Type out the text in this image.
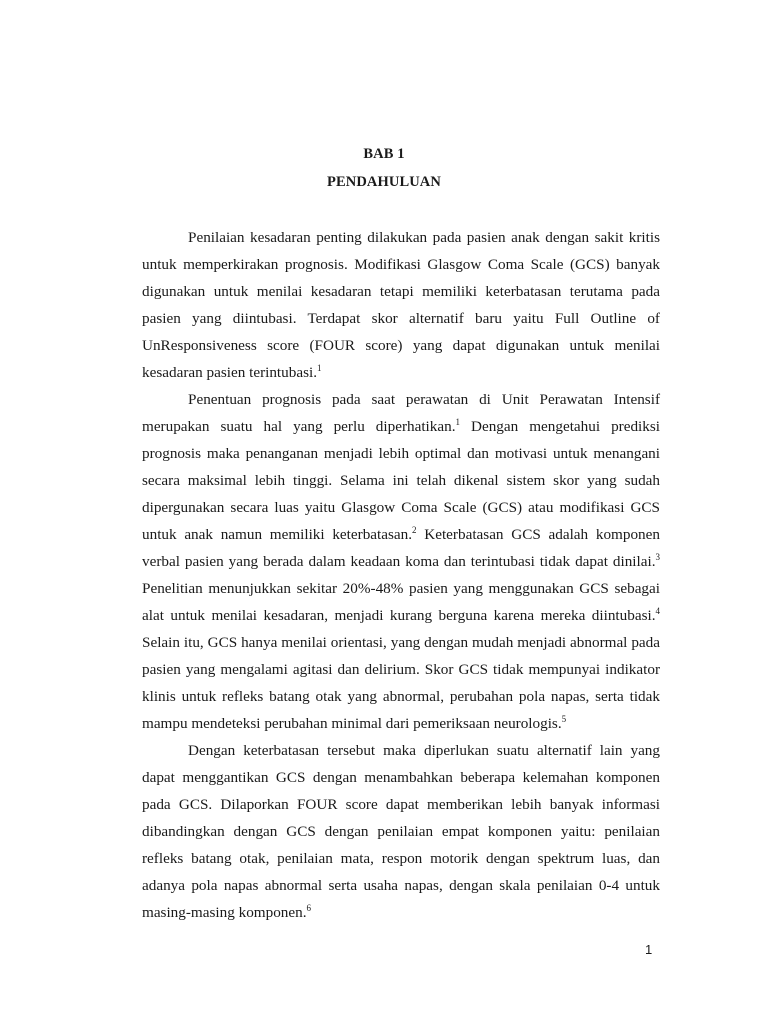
BAB 1
PENDAHULUAN

Penilaian kesadaran penting dilakukan pada pasien anak dengan sakit kritis untuk memperkirakan prognosis. Modifikasi Glasgow Coma Scale (GCS) banyak digunakan untuk menilai kesadaran tetapi memiliki keterbatasan terutama pada pasien yang diintubasi. Terdapat skor alternatif baru yaitu Full Outline of UnResponsiveness score (FOUR score) yang dapat digunakan untuk menilai kesadaran pasien terintubasi.$^1$

Penentuan prognosis pada saat perawatan di Unit Perawatan Intensif merupakan suatu hal yang perlu diperhatikan.$^1$ Dengan mengetahui prediksi prognosis maka penanganan menjadi lebih optimal dan motivasi untuk menangani secara maksimal lebih tinggi. Selama ini telah dikenal sistem skor yang sudah dipergunakan secara luas yaitu Glasgow Coma Scale (GCS) atau modifikasi GCS untuk anak namun memiliki keterbatasan.$^2$ Keterbatasan GCS adalah komponen verbal pasien yang berada dalam keadaan koma dan terintubasi tidak dapat dinilai.$^3$ Penelitian menunjukkan sekitar 20%-48% pasien yang menggunakan GCS sebagai alat untuk menilai kesadaran, menjadi kurang berguna karena mereka diintubasi.$^4$ Selain itu, GCS hanya menilai orientasi, yang dengan mudah menjadi abnormal pada pasien yang mengalami agitasi dan delirium. Skor GCS tidak mempunyai indikator klinis untuk refleks batang otak yang abnormal, perubahan pola napas, serta tidak mampu mendeteksi perubahan minimal dari pemeriksaan neurologis.$^5$

Dengan keterbatasan tersebut maka diperlukan suatu alternatif lain yang dapat menggantikan GCS dengan menambahkan beberapa kelemahan komponen pada GCS. Dilaporkan FOUR score dapat memberikan lebih banyak informasi dibandingkan dengan GCS dengan penilaian empat komponen yaitu: penilaian refleks batang otak, penilaian mata, respon motorik dengan spektrum luas, dan adanya pola napas abnormal serta usaha napas, dengan skala penilaian 0-4 untuk masing-masing komponen.$^6$

1
